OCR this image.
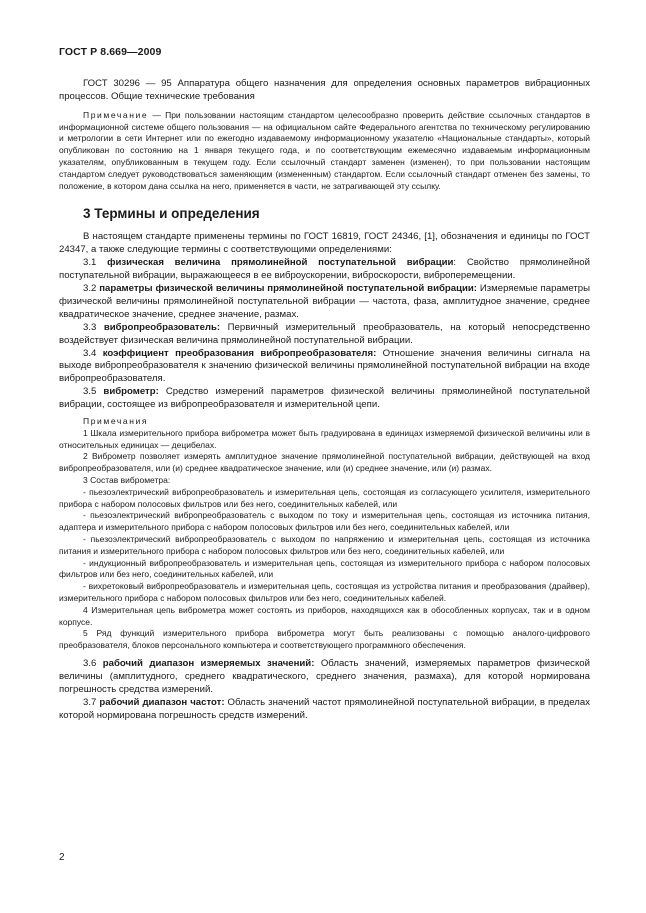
ГОСТ Р 8.669—2009

ГОСТ 30296 — 95 Аппаратура общего назначения для определения основных параметров вибрационных процессов. Общие технические требования

Примечание — При пользовании настоящим стандартом целесообразно проверить действие ссылочных стандартов в информационной системе общего пользования — на официальном сайте Федерального агентства по техническому регулированию и метрологии в сети Интернет или по ежегодно издаваемому информационному указателю «Национальные стандарты», который опубликован по состоянию на 1 января текущего года, и по соответствующим ежемесячно издаваемым информационным указателям, опубликованным в текущем году. Если ссылочный стандарт заменен (изменен), то при пользовании настоящим стандартом следует руководствоваться заменяющим (измененным) стандартом. Если ссылочный стандарт отменен без замены, то положение, в котором дана ссылка на него, применяется в части, не затрагивающей эту ссылку.

3 Термины и определения

В настоящем стандарте применены термины по ГОСТ 16819, ГОСТ 24346, [1], обозначения и единицы по ГОСТ 24347, а также следующие термины с соответствующими определениями:

3.1 физическая величина прямолинейной поступательной вибрации: Свойство прямолинейной поступательной вибрации, выражающееся в ее виброускорении, виброскорости, виброперемещении.

3.2 параметры физической величины прямолинейной поступательной вибрации: Измеряемые параметры физической величины прямолинейной поступательной вибрации — частота, фаза, амплитудное значение, среднее квадратическое значение, среднее значение, размах.

3.3 вибропреобразователь: Первичный измерительный преобразователь, на который непосредственно воздействует физическая величина прямолинейной поступательной вибрации.

3.4 коэффициент преобразования вибропреобразователя: Отношение значения величины сигнала на выходе вибропреобразователя к значению физической величины прямолинейной поступательной вибрации на входе вибропреобразователя.

3.5 виброметр: Средство измерений параметров физической величины прямолинейной поступательной вибрации, состоящее из вибропреобразователя и измерительной цепи.

Примечания

1 Шкала измерительного прибора виброметра может быть градуирована в единицах измеряемой физической величины или в относительных единицах — децибелах.

2 Виброметр позволяет измерять амплитудное значение прямолинейной поступательной вибрации, действующей на вход вибропреобразователя, или (и) среднее квадратическое значение, или (и) среднее значение, или (и) размах.

3 Состав виброметра:

- пьезоэлектрический вибропреобразователь и измерительная цепь, состоящая из согласующего усилителя, измерительного прибора с набором полосовых фильтров или без него, соединительных кабелей, или

- пьезоэлектрический вибропреобразователь с выходом по току и измерительная цепь, состоящая из источника питания, адаптера и измерительного прибора с набором полосовых фильтров или без него, соединительных кабелей, или

- пьезоэлектрический вибропреобразователь с выходом по напряжению и измерительная цепь, состоящая из источника питания и измерительного прибора с набором полосовых фильтров или без него, соединительных кабелей, или

- индукционный вибропреобразователь и измерительная цепь, состоящая из измерительного прибора с набором полосовых фильтров или без него, соединительных кабелей, или

- вихретоковый вибропреобразователь и измерительная цепь, состоящая из устройства питания и преобразования (драйвер), измерительного прибора с набором полосовых фильтров или без него, соединительных кабелей.

4 Измерительная цепь виброметра может состоять из приборов, находящихся как в обособленных корпусах, так и в одном корпусе.

5 Ряд функций измерительного прибора виброметра могут быть реализованы с помощью аналого-цифрового преобразователя, блоков персонального компьютера и соответствующего программного обеспечения.

3.6 рабочий диапазон измеряемых значений: Область значений, измеряемых параметров физической величины (амплитудного, среднего квадратического, среднего значения, размаха), для которой нормирована погрешность средства измерений.

3.7 рабочий диапазон частот: Область значений частот прямолинейной поступательной вибрации, в пределах которой нормирована погрешность средств измерений.

2
